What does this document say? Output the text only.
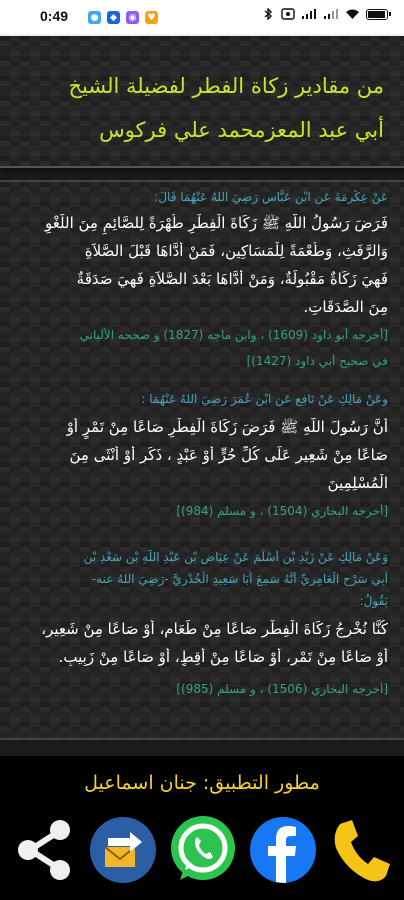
0:49	●	◆	◉ ♥
من مقادير زكاة الفطر لفضيلة الشيخ
أبي عبد المعزمحمد علي فركوس
عَنْ عِكْرِمَةَ عَنِ ابْنِ عَبَّاسٍ رَضِيَ اللهُ عَنْهُمَا قَالَ:
فَرَضَ رَسُولُ اللَّهِ ﷺ زَكَاةَ الْفِطْرِ طُهْرَةً لِلصَّائِمِ مِنَ اللَّغْوِ
وَالرَّفَثِ، وَطُعْمَةً لِلْمَسَاكِينِ، فَمَنْ أَدَّاهَا قَبْلَ الصَّلاَةِ
فَهِيَ زَكَاةٌ مَقْبُولَةٌ، وَمَنْ أَدَّاهَا بَعْدَ الصَّلاَةِ فَهِيَ صَدَقَةٌ
مِنَ الصَّدَقَاتِ.
[أخرجه أبو داود (1609) ، وابن ماجه (1827) و صححه الألباني
في صحيح أبي داود (1427)]
وعَنْ مَالِكٍ عَنْ نَافِعٍ عَنِ ابْنِ عُمَرَ رَضِيَ اللهُ عَنْهُمَا :
أَنَّ رَسُولَ اللَّهِ ﷺ فَرَضَ زَكَاةَ الْفِطْرِ صَاعًا مِنْ تَمْرٍ أَوْ
صَاعًا مِنْ شَعِيرٍ عَلَى كُلِّ حُرٍّ أَوْ عَبْدٍ ، ذَكَرٍ أَوْ أُنْثَى مِنَ
الْمُسْلِمِينَ
[أخرجه البخاري (1504) ، و مسلم (984)]
وَعَنْ مَالِكٍ عَنْ زَيْدِ بْنِ أَسْلَمَ عَنْ عِيَاضِ بْنِ عَبْدِ اللَّهِ بْنِ سَعْدِ بْنِ
أَبِي سَرْحٍ الْعَامِرِيِّ أَنَّهُ سَمِعَ أَبَا سَعِيدٍ الْخُدْرِيَّ -رَضِيَ اللهُ عنه-
يَقُولُ:
كُنَّا نُخْرِجُ زَكَاةَ الْفِطْرِ صَاعًا مِنْ طَعَامٍ، أَوْ صَاعًا مِنْ شَعِيرٍ،
أَوْ صَاعًا مِنْ تَمْرٍ، أَوْ صَاعًا مِنْ أَقِطٍ، أَوْ صَاعًا مِنْ زَبِيبٍ.
[أخرجه البخاري (1506) ، و مسلم (985)]
مطور التطبيق: جنان اسماعيل
